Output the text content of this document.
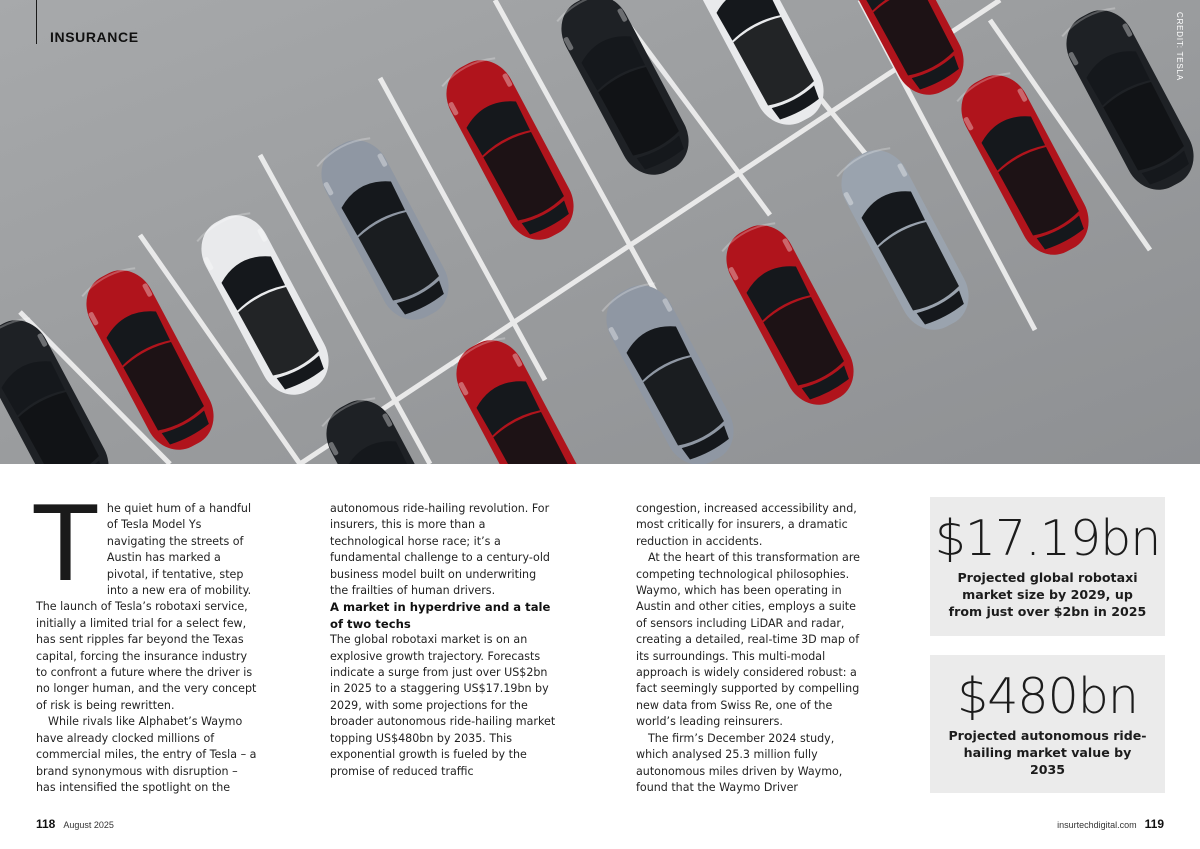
INSURANCE	CREDIT: TESLA

The quiet hum of a handful of Tesla Model Ys navigating the streets of Austin has marked a pivotal, if tentative, step into a new era of mobility. The launch of Tesla’s robotaxi service, initially a limited trial for a select few, has sent ripples far beyond the Texas capital, forcing the insurance industry to confront a future where the driver is no longer human, and the very concept of risk is being rewritten.

While rivals like Alphabet’s Waymo have already clocked millions of commercial miles, the entry of Tesla – a brand synonymous with disruption – has intensified the spotlight on the

autonomous ride-hailing revolution. For insurers, this is more than a technological horse race; it’s a fundamental challenge to a century-old business model built on underwriting the frailties of human drivers.

A market in hyperdrive and a tale of two techs

The global robotaxi market is on an explosive growth trajectory. Forecasts indicate a surge from just over US$2bn in 2025 to a staggering US$17.19bn by 2029, with some projections for the broader autonomous ride-hailing market topping US$480bn by 2035. This exponential growth is fueled by the promise of reduced traffic

congestion, increased accessibility and, most critically for insurers, a dramatic reduction in accidents.

At the heart of this transformation are competing technological philosophies. Waymo, which has been operating in Austin and other cities, employs a suite of sensors including LiDAR and radar, creating a detailed, real-time 3D map of its surroundings. This multi-modal approach is widely considered robust: a fact seemingly supported by compelling new data from Swiss Re, one of the world’s leading reinsurers.

The firm’s December 2024 study, which analysed 25.3 million fully autonomous miles driven by Waymo, found that the Waymo Driver

$17.19bn
Projected global robotaxi market size by 2029, up from just over $2bn in 2025
$480bn
Projected autonomous ride-hailing market value by 2035
118 August 2025	insurtechdigital.com 119
